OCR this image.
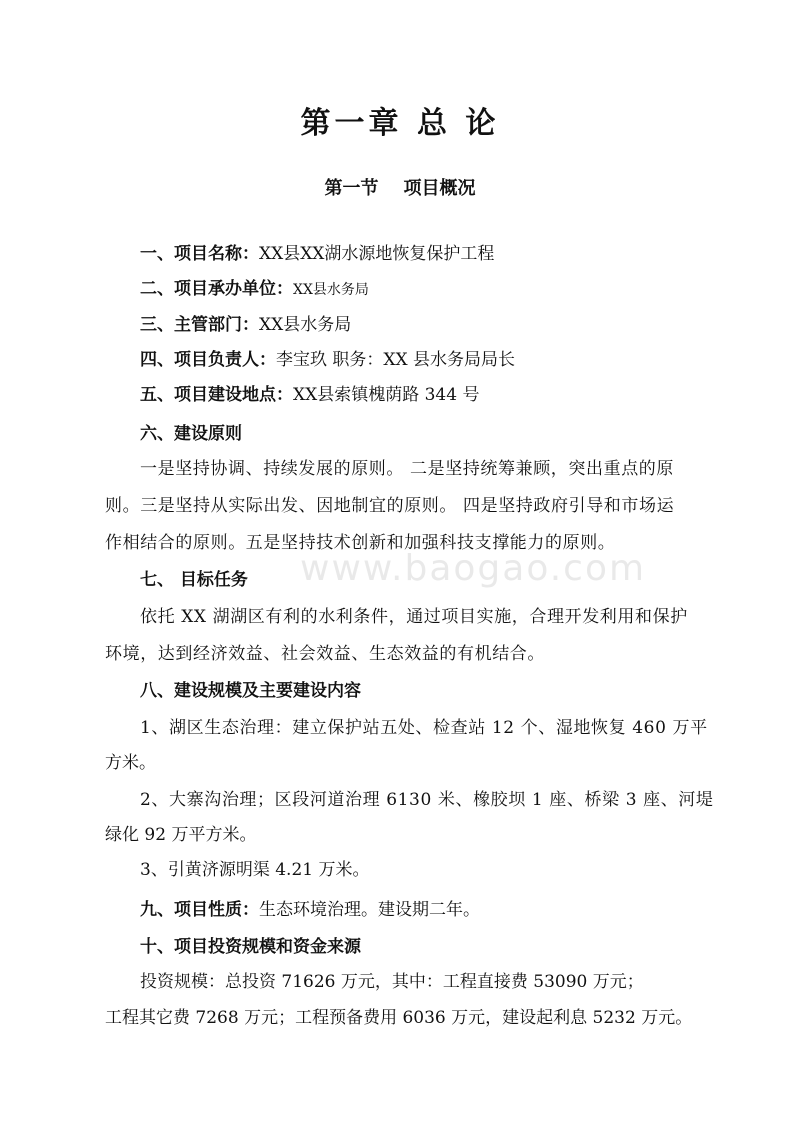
www.baogao.com
第一章 总 论
第一节    项目概况
一、项目名称：XX县XX湖水源地恢复保护工程
二、项目承办单位：XX县水务局
三、主管部门：XX县水务局
四、项目负责人：李宝玖 职务：XX 县水务局局长
五、项目建设地点：XX县索镇槐荫路 344 号
六、建设原则
一是坚持协调、持续发展的原则。 二是坚持统筹兼顾，突出重点的原
则。三是坚持从实际出发、因地制宜的原则。 四是坚持政府引导和市场运
作相结合的原则。五是坚持技术创新和加强科技支撑能力的原则。
七、 目标任务
依托 XX 湖湖区有利的水利条件，通过项目实施，合理开发利用和保护
环境，达到经济效益、社会效益、生态效益的有机结合。
八、建设规模及主要建设内容
1、湖区生态治理：建立保护站五处、检查站 12 个、湿地恢复 460 万平
方米。
2、大寨沟治理；区段河道治理 6130 米、橡胶坝 1 座、桥梁 3 座、河堤
绿化 92 万平方米。
3、引黄济源明渠 4.21 万米。
九、项目性质：生态环境治理。建设期二年。
十、项目投资规模和资金来源
投资规模：总投资 71626 万元，其中：工程直接费 53090 万元；
工程其它费 7268 万元；工程预备费用 6036 万元，建设起利息 5232 万元。
